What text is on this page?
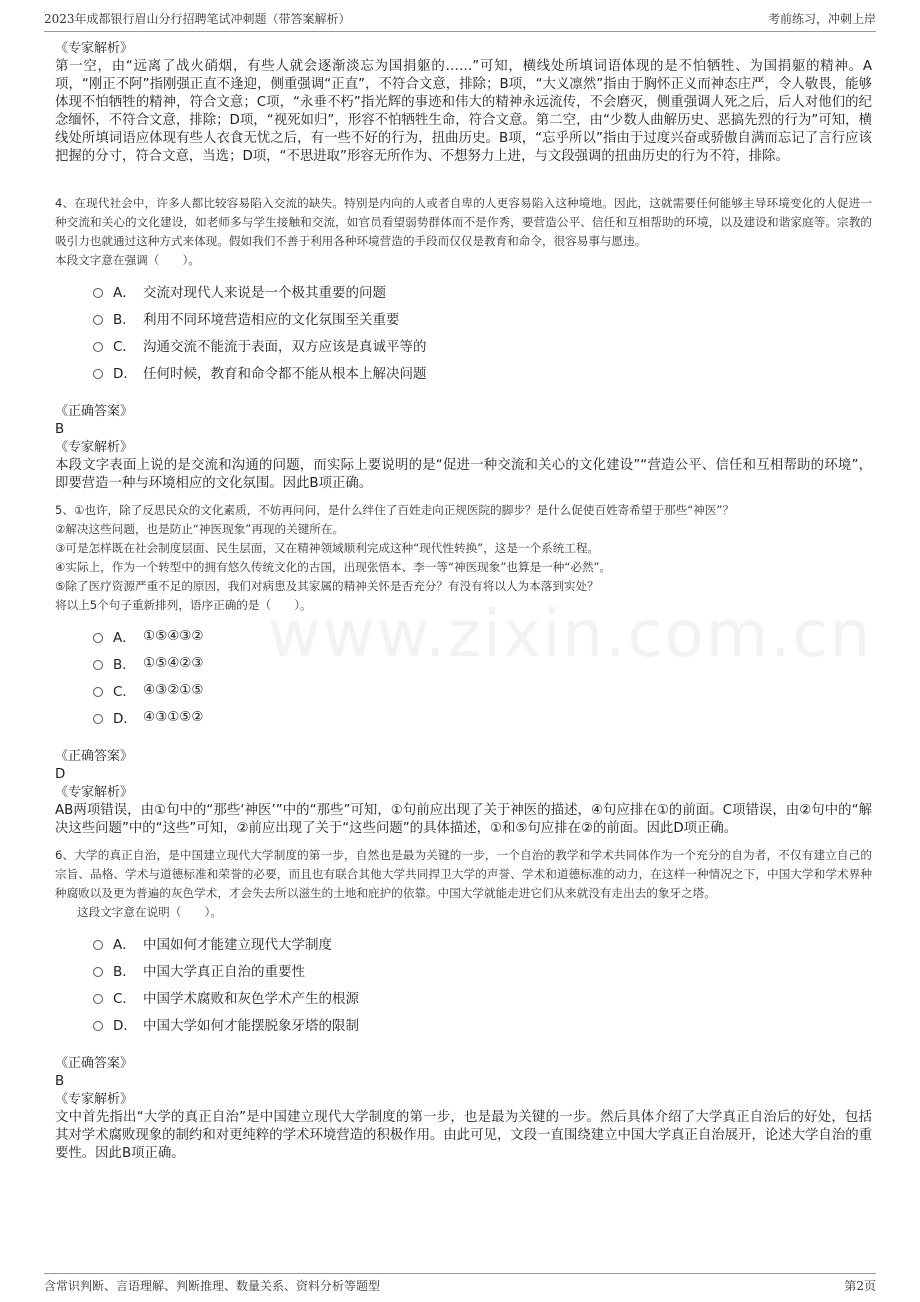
2023年成都银行眉山分行招聘笔试冲刺题（带答案解析）	考前练习，冲刺上岸
www.zixin.com.cn
《专家解析》
第一空，由“远离了战火硝烟，有些人就会逐渐淡忘为国捐躯的……”可知，横线处所填词语体现的是不怕牺牲、为国捐躯的精神。A项，“刚正不阿”指刚强正直不逢迎，侧重强调“正直”，不符合文意，排除；B项，“大义凛然”指由于胸怀正义而神态庄严，令人敬畏，能够体现不怕牺牲的精神，符合文意；C项，“永垂不朽”指光辉的事迹和伟大的精神永远流传，不会磨灭，侧重强调人死之后，后人对他们的纪念缅怀，不符合文意，排除；D项，“视死如归”，形容不怕牺牲生命，符合文意。第二空，由“少数人曲解历史、恶搞先烈的行为”可知，横线处所填词语应体现有些人衣食无忧之后，有一些不好的行为，扭曲历史。B项，“忘乎所以”指由于过度兴奋或骄傲自满而忘记了言行应该把握的分寸，符合文意，当选；D项，“不思进取”形容无所作为、不想努力上进，与文段强调的扭曲历史的行为不符，排除。
4、在现代社会中，许多人都比较容易陷入交流的缺失。特别是内向的人或者自卑的人更容易陷入这种境地。因此，这就需要任何能够主导环境变化的人促进一种交流和关心的文化建设，如老师多与学生接触和交流，如官员看望弱势群体而不是作秀，要营造公平、信任和互相帮助的环境，以及建设和谐家庭等。宗教的吸引力也就通过这种方式来体现。假如我们不善于利用各种环境营造的手段而仅仅是教育和命令，很容易事与愿违。
本段文字意在强调（　　）。
A． 交流对现代人来说是一个极其重要的问题
B． 利用不同环境营造相应的文化氛围至关重要
C． 沟通交流不能流于表面，双方应该是真诚平等的
D． 任何时候，教育和命令都不能从根本上解决问题
《正确答案》
B
《专家解析》
本段文字表面上说的是交流和沟通的问题，而实际上要说明的是“促进一种交流和关心的文化建设”“营造公平、信任和互相帮助的环境”，即要营造一种与环境相应的文化氛围。因此B项正确。
5、①也许，除了反思民众的文化素质，不妨再问问，是什么绊住了百姓走向正规医院的脚步？是什么促使百姓寄希望于那些“神医”？
②解决这些问题，也是防止“神医现象”再现的关键所在。
③可是怎样既在社会制度层面、民生层面，又在精神领域顺利完成这种“现代性转换”，这是一个系统工程。
④实际上，作为一个转型中的拥有悠久传统文化的古国，出现张悟本、李一等“神医现象”也算是一种“必然”。
⑤除了医疗资源严重不足的原因，我们对病患及其家属的精神关怀是否充分？有没有将以人为本落到实处？
将以上5个句子重新排列，语序正确的是（　　）。
A． ①⑤④③②
B． ①⑤④②③
C． ④③②①⑤
D． ④③①⑤②
《正确答案》
D
《专家解析》
AB两项错误，由①句中的“那些‘神医’”中的“那些”可知，①句前应出现了关于神医的描述，④句应排在①的前面。C项错误，由②句中的“解决这些问题”中的“这些”可知，②前应出现了关于“这些问题”的具体描述，①和⑤句应排在②的前面。因此D项正确。
6、大学的真正自治，是中国建立现代大学制度的第一步，自然也是最为关键的一步，一个自治的教学和学术共同体作为一个充分的自为者，不仅有建立自己的宗旨、品格、学术与道德标准和荣誉的必要，而且也有联合其他大学共同捍卫大学的声誉、学术和道德标准的动力，在这样一种情况之下，中国大学和学术界种种腐败以及更为普遍的灰色学术，才会失去所以滋生的土地和庇护的依靠。中国大学就能走进它们从来就没有走出去的象牙之塔。
这段文字意在说明（　　）。
A． 中国如何才能建立现代大学制度
B． 中国大学真正自治的重要性
C． 中国学术腐败和灰色学术产生的根源
D． 中国大学如何才能摆脱象牙塔的限制
《正确答案》
B
《专家解析》
文中首先指出“大学的真正自治”是中国建立现代大学制度的第一步，也是最为关键的一步。然后具体介绍了大学真正自治后的好处，包括其对学术腐败现象的制约和对更纯粹的学术环境营造的积极作用。由此可见，文段一直围绕建立中国大学真正自治展开，论述大学自治的重要性。因此B项正确。
含常识判断、言语理解、判断推理、数量关系、资料分析等题型	第2页
